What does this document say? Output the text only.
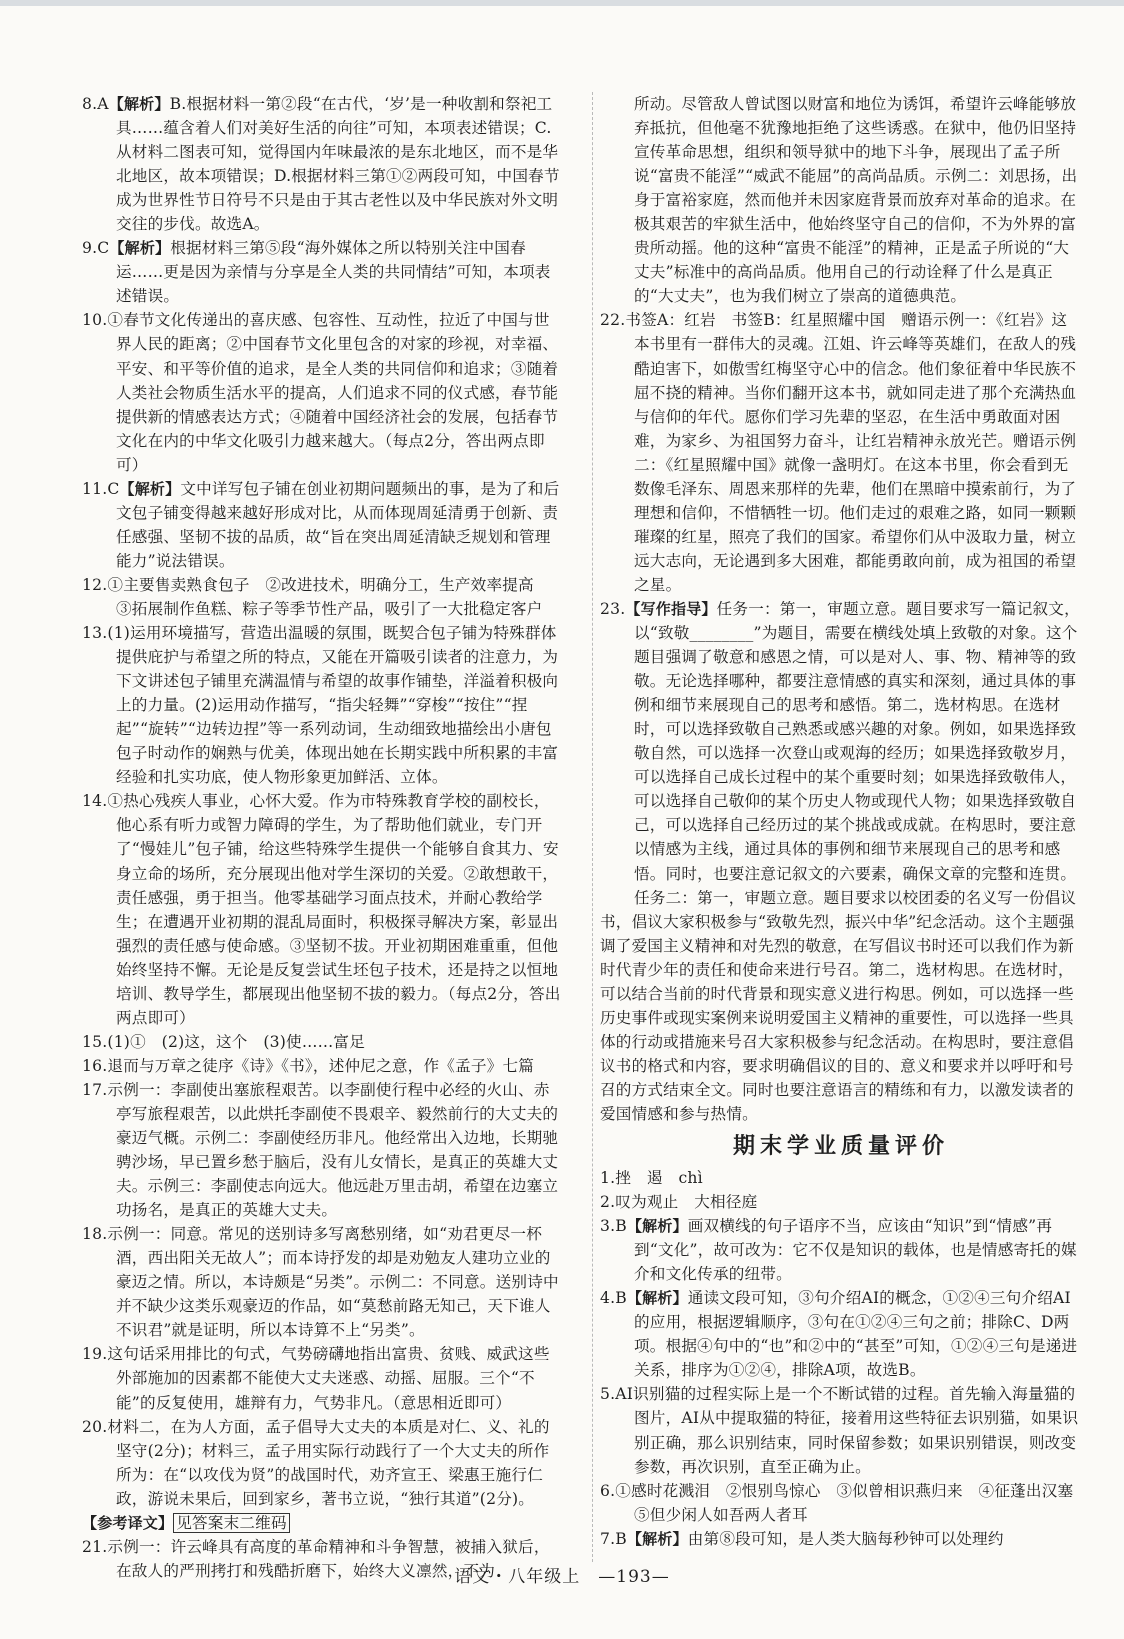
8.A【解析】B.根据材料一第②段“在古代，‘岁’是一种收割和祭祀工具……蕴含着人们对美好生活的向往”可知，本项表述错误；C.从材料二图表可知，觉得国内年味最浓的是东北地区，而不是华北地区，故本项错误；D.根据材料三第①②两段可知，中国春节成为世界性节日符号不只是由于其古老性以及中华民族对外文明交往的步伐。故选A。

9.C【解析】根据材料三第⑤段“海外媒体之所以特别关注中国春运……更是因为亲情与分享是全人类的共同情结”可知，本项表述错误。

10.①春节文化传递出的喜庆感、包容性、互动性，拉近了中国与世界人民的距离；②中国春节文化里包含的对家的珍视，对幸福、平安、和平等价值的追求，是全人类的共同信仰和追求；③随着人类社会物质生活水平的提高，人们追求不同的仪式感，春节能提供新的情感表达方式；④随着中国经济社会的发展，包括春节文化在内的中华文化吸引力越来越大。（每点2分，答出两点即可）

11.C【解析】文中详写包子铺在创业初期问题频出的事，是为了和后文包子铺变得越来越好形成对比，从而体现周延清勇于创新、责任感强、坚韧不拔的品质，故“旨在突出周延清缺乏规划和管理能力”说法错误。

12.①主要售卖熟食包子　②改进技术，明确分工，生产效率提高　③拓展制作鱼糕、粽子等季节性产品，吸引了一大批稳定客户

13.(1)运用环境描写，营造出温暖的氛围，既契合包子铺为特殊群体提供庇护与希望之所的特点，又能在开篇吸引读者的注意力，为下文讲述包子铺里充满温情与希望的故事作铺垫，洋溢着积极向上的力量。(2)运用动作描写，“指尖轻舞”“穿梭”“按住”“捏起”“旋转”“边转边捏”等一系列动词，生动细致地描绘出小唐包包子时动作的娴熟与优美，体现出她在长期实践中所积累的丰富经验和扎实功底，使人物形象更加鲜活、立体。

14.①热心残疾人事业，心怀大爱。作为市特殊教育学校的副校长，他心系有听力或智力障碍的学生，为了帮助他们就业，专门开了“慢娃儿”包子铺，给这些特殊学生提供一个能够自食其力、安身立命的场所，充分展现出他对学生深切的关爱。②敢想敢干，责任感强，勇于担当。他零基础学习面点技术，并耐心教给学生；在遭遇开业初期的混乱局面时，积极探寻解决方案，彰显出强烈的责任感与使命感。③坚韧不拔。开业初期困难重重，但他始终坚持不懈。无论是反复尝试生坯包子技术，还是持之以恒地培训、教导学生，都展现出他坚韧不拔的毅力。（每点2分，答出两点即可）

15.(1)①　(2)这，这个　(3)使……富足

16.退而与万章之徒序《诗》《书》，述仲尼之意，作《孟子》七篇

17.示例一：李副使出塞旅程艰苦。以李副使行程中必经的火山、赤亭写旅程艰苦，以此烘托李副使不畏艰辛、毅然前行的大丈夫的豪迈气概。示例二：李副使经历非凡。他经常出入边地，长期驰骋沙场，早已置乡愁于脑后，没有儿女情长，是真正的英雄大丈夫。示例三：李副使志向远大。他远赴万里击胡，希望在边塞立功扬名，是真正的英雄大丈夫。

18.示例一：同意。常见的送别诗多写离愁别绪，如“劝君更尽一杯酒，西出阳关无故人”；而本诗抒发的却是劝勉友人建功立业的豪迈之情。所以，本诗颇是“另类”。示例二：不同意。送别诗中并不缺少这类乐观豪迈的作品，如“莫愁前路无知己，天下谁人不识君”就是证明，所以本诗算不上“另类”。

19.这句话采用排比的句式，气势磅礴地指出富贵、贫贱、威武这些外部施加的因素都不能使大丈夫迷惑、动摇、屈服。三个“不能”的反复使用，雄辩有力，气势非凡。（意思相近即可）

20.材料二，在为人方面，孟子倡导大丈夫的本质是对仁、义、礼的坚守(2分)；材料三，孟子用实际行动践行了一个大丈夫的所作所为：在“以攻伐为贤”的战国时代，劝齐宣王、梁惠王施行仁政，游说未果后，回到家乡，著书立说，“独行其道”(2分)。

【参考译文】 见答案末二维码

21.示例一：许云峰具有高度的革命精神和斗争智慧，被捕入狱后，在敌人的严刑拷打和残酷折磨下，始终大义凛然，不为

所动。尽管敌人曾试图以财富和地位为诱饵，希望许云峰能够放弃抵抗，但他毫不犹豫地拒绝了这些诱惑。在狱中，他仍旧坚持宣传革命思想，组织和领导狱中的地下斗争，展现出了孟子所说“富贵不能淫”“威武不能屈”的高尚品质。示例二：刘思扬，出身于富裕家庭，然而他并未因家庭背景而放弃对革命的追求。在极其艰苦的牢狱生活中，他始终坚守自己的信仰，不为外界的富贵所动摇。他的这种“富贵不能淫”的精神，正是孟子所说的“大丈夫”标准中的高尚品质。他用自己的行动诠释了什么是真正的“大丈夫”，也为我们树立了崇高的道德典范。

22.书签A：红岩　书签B：红星照耀中国　赠语示例一：《红岩》这本书里有一群伟大的灵魂。江姐、许云峰等英雄们，在敌人的残酷迫害下，如傲雪红梅坚守心中的信念。他们象征着中华民族不屈不挠的精神。当你们翻开这本书，就如同走进了那个充满热血与信仰的年代。愿你们学习先辈的坚忍，在生活中勇敢面对困难，为家乡、为祖国努力奋斗，让红岩精神永放光芒。赠语示例二：《红星照耀中国》就像一盏明灯。在这本书里，你会看到无数像毛泽东、周恩来那样的先辈，他们在黑暗中摸索前行，为了理想和信仰，不惜牺牲一切。他们走过的艰难之路，如同一颗颗璀璨的红星，照亮了我们的国家。希望你们从中汲取力量，树立远大志向，无论遇到多大困难，都能勇敢向前，成为祖国的希望之星。

23.【写作指导】任务一：第一，审题立意。题目要求写一篇记叙文，以“致敬________”为题目，需要在横线处填上致敬的对象。这个题目强调了敬意和感恩之情，可以是对人、事、物、精神等的致敬。无论选择哪种，都要注意情感的真实和深刻，通过具体的事例和细节来展现自己的思考和感悟。第二，选材构思。在选材时，可以选择致敬自己熟悉或感兴趣的对象。例如，如果选择致敬自然，可以选择一次登山或观海的经历；如果选择致敬岁月，可以选择自己成长过程中的某个重要时刻；如果选择致敬伟人，可以选择自己敬仰的某个历史人物或现代人物；如果选择致敬自己，可以选择自己经历过的某个挑战或成就。在构思时，要注意以情感为主线，通过具体的事例和细节来展现自己的思考和感悟。同时，也要注意记叙文的六要素，确保文章的完整和连贯。

任务二：第一，审题立意。题目要求以校团委的名义写一份倡议书，倡议大家积极参与“致敬先烈，振兴中华”纪念活动。这个主题强调了爱国主义精神和对先烈的敬意，在写倡议书时还可以我们作为新时代青少年的责任和使命来进行号召。第二，选材构思。在选材时，可以结合当前的时代背景和现实意义进行构思。例如，可以选择一些历史事件或现实案例来说明爱国主义精神的重要性，可以选择一些具体的行动或措施来号召大家积极参与纪念活动。在构思时，要注意倡议书的格式和内容，要求明确倡议的目的、意义和要求并以呼吁和号召的方式结束全文。同时也要注意语言的精练和有力，以激发读者的爱国情感和参与热情。

期末学业质量评价

1.挫　遏　chì

2.叹为观止　大相径庭

3.B【解析】画双横线的句子语序不当，应该由“知识”到“情感”再到“文化”，故可改为：它不仅是知识的载体，也是情感寄托的媒介和文化传承的纽带。

4.B【解析】通读文段可知，③句介绍AI的概念，①②④三句介绍AI的应用，根据逻辑顺序，③句在①②④三句之前；排除C、D两项。根据④句中的“也”和②中的“甚至”可知，①②④三句是递进关系，排序为①②④，排除A项，故选B。

5.AI识别猫的过程实际上是一个不断试错的过程。首先输入海量猫的图片，AI从中提取猫的特征，接着用这些特征去识别猫，如果识别正确，那么识别结束，同时保留参数；如果识别错误，则改变参数，再次识别，直至正确为止。

6.①感时花溅泪　②恨别鸟惊心　③似曾相识燕归来　④征蓬出汉塞　⑤但少闲人如吾两人者耳

7.B【解析】由第⑧段可知，是人类大脑每秒钟可以处理约

语文・八年级上　—193—
